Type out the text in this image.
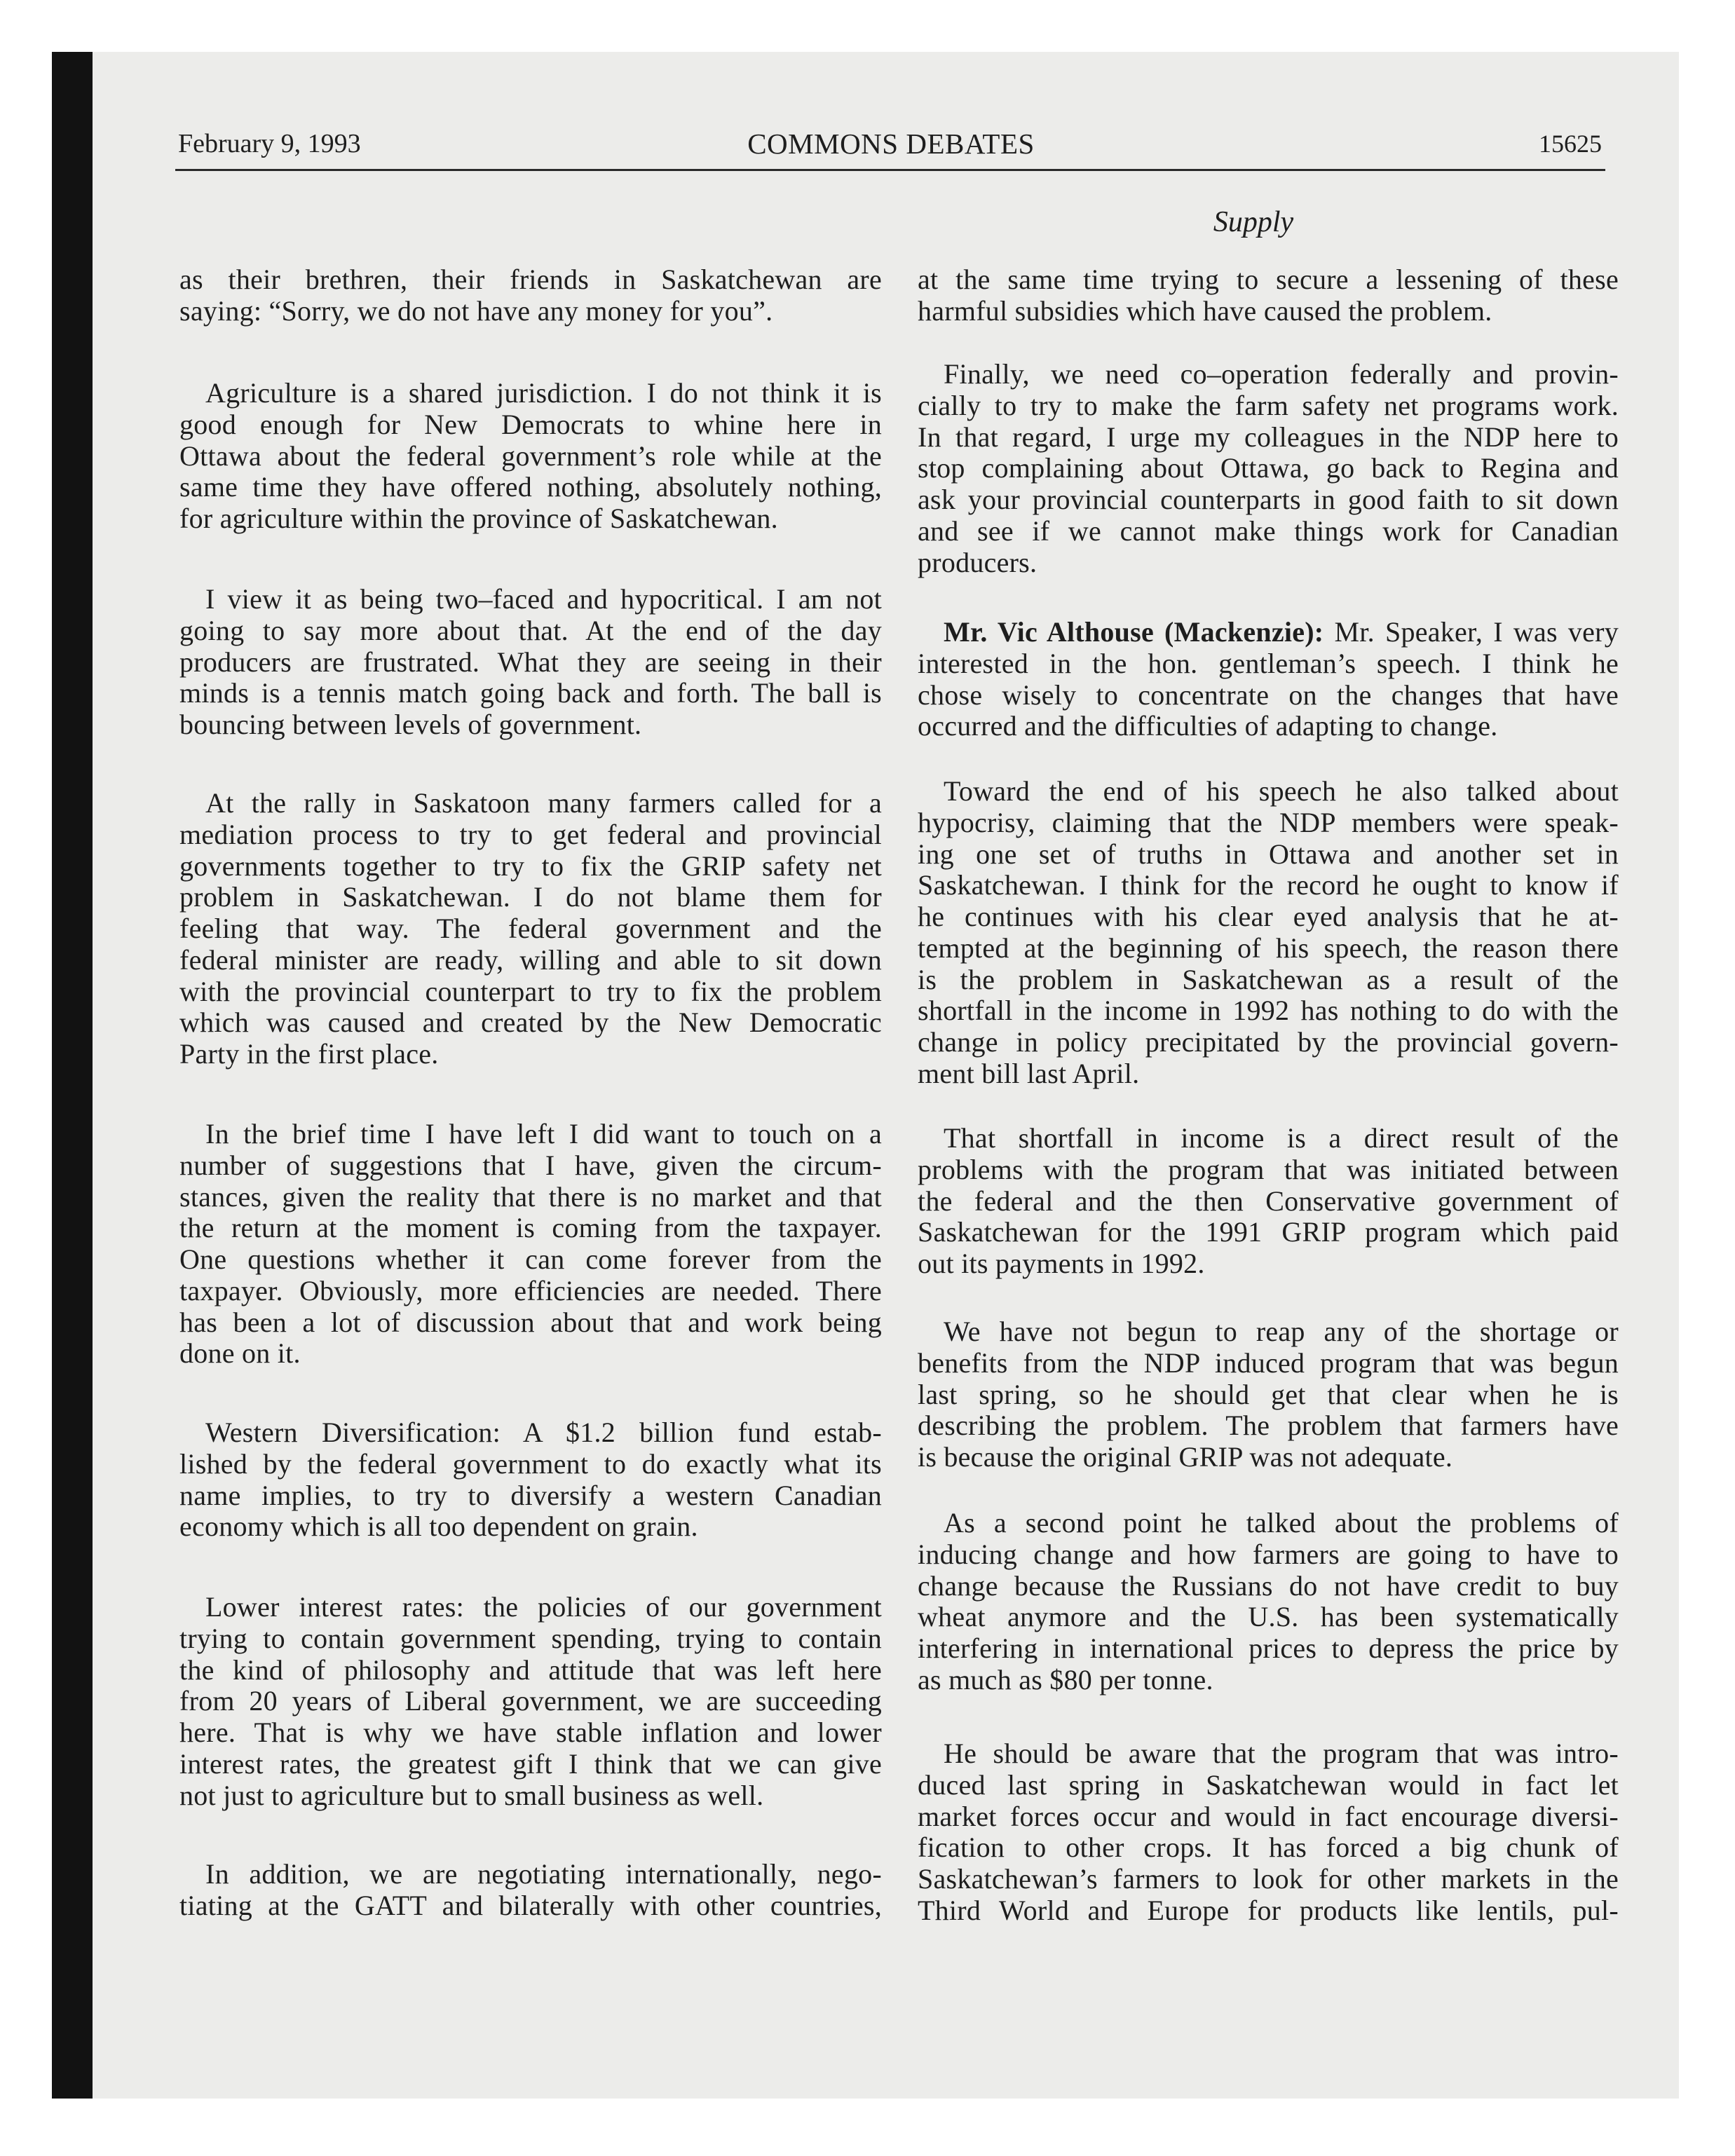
February 9, 1993	COMMONS DEBATES	15625
Supply
as their brethren, their friends in Saskatchewan are
saying: “Sorry, we do not have any money for you”.
Agriculture is a shared jurisdiction. I do not think it is
good enough for New Democrats to whine here in
Ottawa about the federal government’s role while at the
same time they have offered nothing, absolutely nothing,
for agriculture within the province of Saskatchewan.
I view it as being two–faced and hypocritical. I am not
going to say more about that. At the end of the day
producers are frustrated. What they are seeing in their
minds is a tennis match going back and forth. The ball is
bouncing between levels of government.
At the rally in Saskatoon many farmers called for a
mediation process to try to get federal and provincial
governments together to try to fix the GRIP safety net
problem in Saskatchewan. I do not blame them for
feeling that way. The federal government and the
federal minister are ready, willing and able to sit down
with the provincial counterpart to try to fix the problem
which was caused and created by the New Democratic
Party in the first place.
In the brief time I have left I did want to touch on a
number of suggestions that I have, given the circum-
stances, given the reality that there is no market and that
the return at the moment is coming from the taxpayer.
One questions whether it can come forever from the
taxpayer. Obviously, more efficiencies are needed. There
has been a lot of discussion about that and work being
done on it.
Western Diversification: A $1.2 billion fund estab-
lished by the federal government to do exactly what its
name implies, to try to diversify a western Canadian
economy which is all too dependent on grain.
Lower interest rates: the policies of our government
trying to contain government spending, trying to contain
the kind of philosophy and attitude that was left here
from 20 years of Liberal government, we are succeeding
here. That is why we have stable inflation and lower
interest rates, the greatest gift I think that we can give
not just to agriculture but to small business as well.
In addition, we are negotiating internationally, nego-
tiating at the GATT and bilaterally with other countries,
at the same time trying to secure a lessening of these
harmful subsidies which have caused the problem.
Finally, we need co–operation federally and provin-
cially to try to make the farm safety net programs work.
In that regard, I urge my colleagues in the NDP here to
stop complaining about Ottawa, go back to Regina and
ask your provincial counterparts in good faith to sit down
and see if we cannot make things work for Canadian
producers.
Mr. Vic Althouse (Mackenzie): Mr. Speaker, I was very
interested in the hon. gentleman’s speech. I think he
chose wisely to concentrate on the changes that have
occurred and the difficulties of adapting to change.
Toward the end of his speech he also talked about
hypocrisy, claiming that the NDP members were speak-
ing one set of truths in Ottawa and another set in
Saskatchewan. I think for the record he ought to know if
he continues with his clear eyed analysis that he at-
tempted at the beginning of his speech, the reason there
is the problem in Saskatchewan as a result of the
shortfall in the income in 1992 has nothing to do with the
change in policy precipitated by the provincial govern-
ment bill last April.
That shortfall in income is a direct result of the
problems with the program that was initiated between
the federal and the then Conservative government of
Saskatchewan for the 1991 GRIP program which paid
out its payments in 1992.
We have not begun to reap any of the shortage or
benefits from the NDP induced program that was begun
last spring, so he should get that clear when he is
describing the problem. The problem that farmers have
is because the original GRIP was not adequate.
As a second point he talked about the problems of
inducing change and how farmers are going to have to
change because the Russians do not have credit to buy
wheat anymore and the U.S. has been systematically
interfering in international prices to depress the price by
as much as $80 per tonne.
He should be aware that the program that was intro-
duced last spring in Saskatchewan would in fact let
market forces occur and would in fact encourage diversi-
fication to other crops. It has forced a big chunk of
Saskatchewan’s farmers to look for other markets in the
Third World and Europe for products like lentils, pul-
